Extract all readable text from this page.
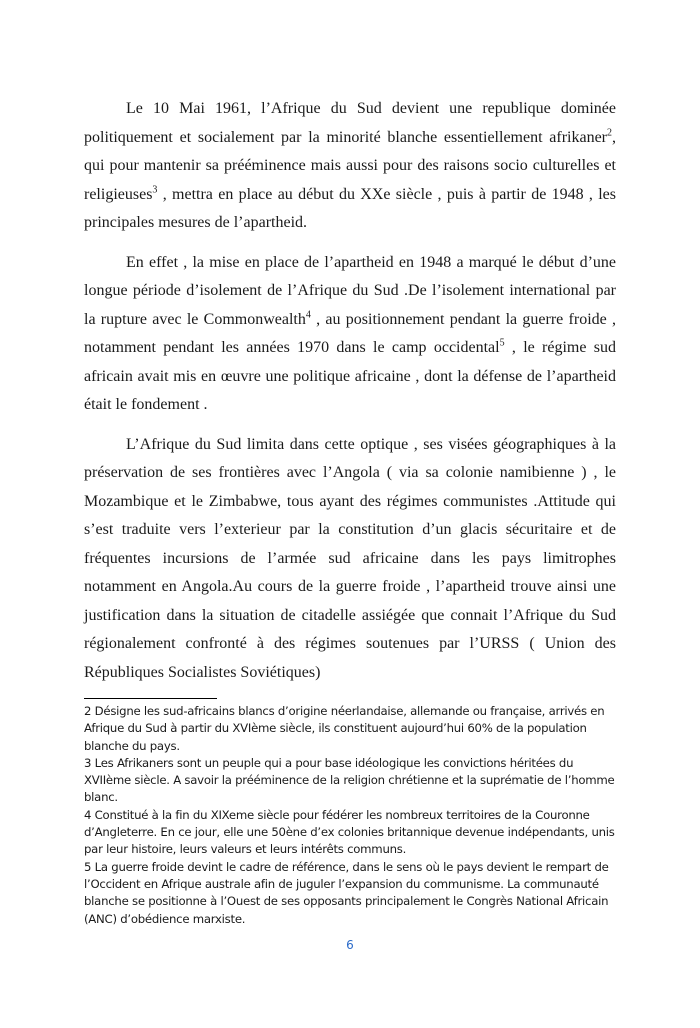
Le 10 Mai 1961, l’Afrique du Sud devient une republique dominée politiquement et socialement par la minorité blanche essentiellement afrikaner$^2$, qui pour mantenir sa prééminence mais aussi pour des raisons socio culturelles et religieuses$^3$ , mettra en place au début du XXe siècle , puis à partir de 1948 , les principales mesures de l’apartheid.

En effet , la mise en place de l’apartheid en 1948 a marqué le début d’une longue période d’isolement de l’Afrique du Sud .De l’isolement international par la rupture avec le Commonwealth$^4$ , au positionnement pendant la guerre froide , notamment pendant les années 1970 dans le camp occidental$^5$ , le régime sud africain avait mis en œuvre une politique africaine , dont la défense de l’apartheid était le fondement .

L’Afrique du Sud limita dans cette optique , ses visées géographiques à la préservation de ses frontières avec l’Angola ( via sa colonie namibienne ) , le Mozambique et le Zimbabwe, tous ayant des régimes communistes .Attitude qui s’est traduite vers l’exterieur par la constitution d’un glacis sécuritaire et de fréquentes incursions de l’armée sud africaine dans les pays limitrophes notamment en Angola.Au cours de la guerre froide , l’apartheid trouve ainsi une justification dans la situation de citadelle assiégée que connait l’Afrique du Sud régionalement confronté à des régimes soutenues par l’URSS ( Union des Républiques Socialistes Soviétiques)

2 Désigne les sud-africains blancs d’origine néerlandaise, allemande ou française, arrivés en Afrique du Sud à partir du XVIème siècle, ils constituent aujourd’hui 60% de la population blanche du pays.

3 Les Afrikaners sont un peuple qui a pour base idéologique les convictions héritées du XVIIème siècle. A savoir la prééminence de la religion chrétienne et la suprématie de l’homme blanc.

4 Constitué à la fin du XIXeme siècle pour fédérer les nombreux territoires de la Couronne d’Angleterre. En ce jour, elle une 50ène d’ex colonies britannique devenue indépendants, unis par leur histoire, leurs valeurs et leurs intérêts communs.

5 La guerre froide devint le cadre de référence, dans le sens où le pays devient le rempart de l’Occident en Afrique australe afin de juguler l’expansion du communisme. La communauté blanche se positionne à l’Ouest de ses opposants principalement le Congrès National Africain (ANC) d’obédience marxiste.

6
